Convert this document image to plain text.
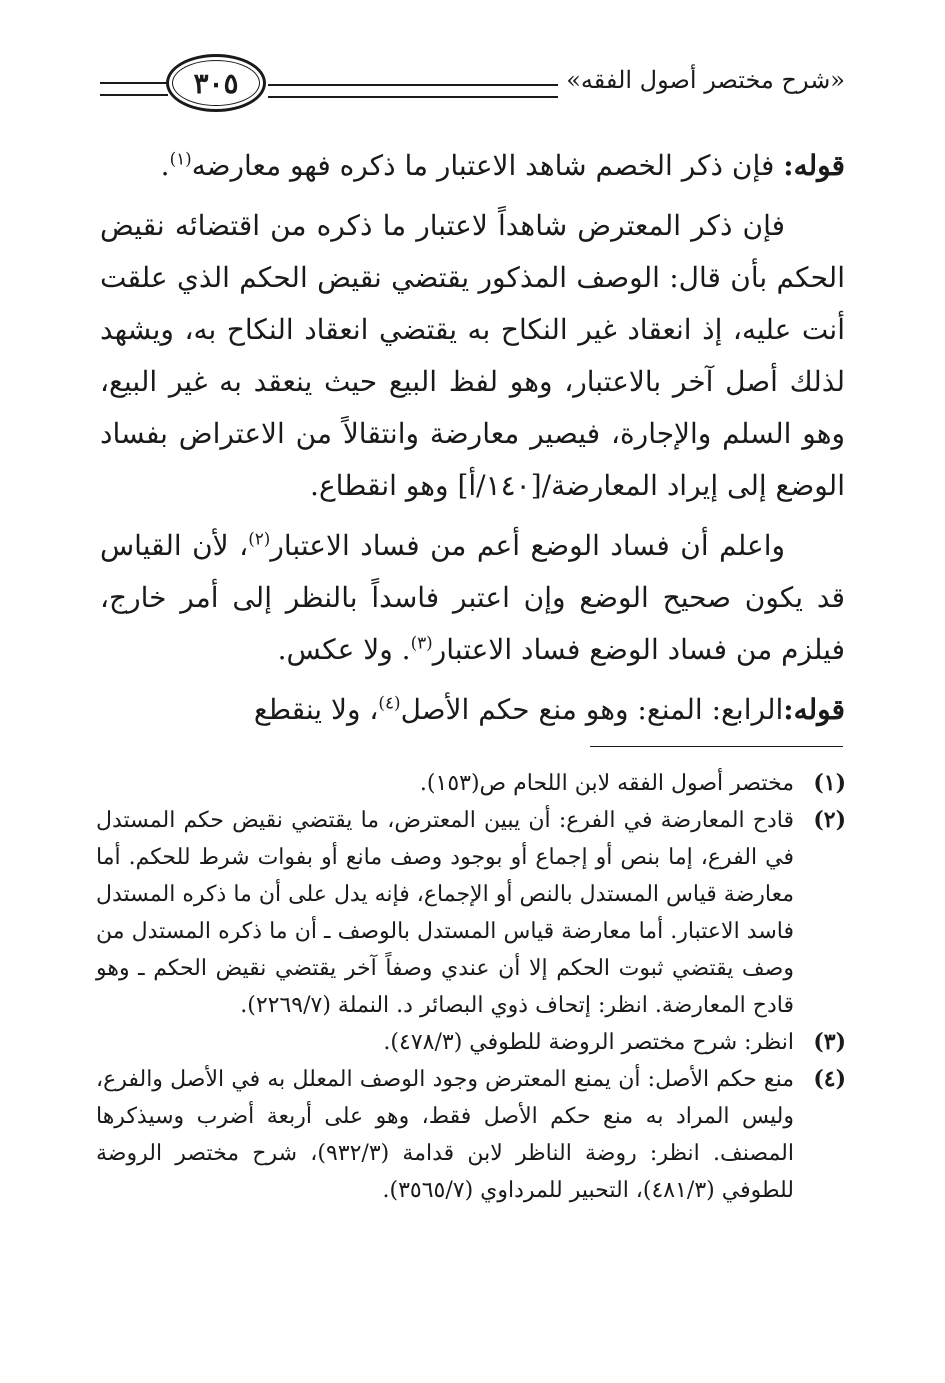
٣٠٥	«شرح مختصر أصول الفقه»

قوله: فإن ذكر الخصم شاهد الاعتبار ما ذكره فهو معارضه$^{(١)}$.

فإن ذكر المعترض شاهداً لاعتبار ما ذكره من اقتضائه نقيض الحكم بأن قال: الوصف المذكور يقتضي نقيض الحكم الذي علقت أنت عليه، إذ انعقاد غير النكاح به يقتضي انعقاد النكاح به، ويشهد لذلك أصل آخر بالاعتبار، وهو لفظ البيع حيث ينعقد به غير البيع، وهو السلم والإجارة، فيصير معارضة وانتقالاً من الاعتراض بفساد الوضع إلى إيراد المعارضة/[١٤٠/أ] وهو انقطاع.

واعلم أن فساد الوضع أعم من فساد الاعتبار$^{(٢)}$، لأن القياس قد يكون صحيح الوضع وإن اعتبر فاسداً بالنظر إلى أمر خارج، فيلزم من فساد الوضع فساد الاعتبار$^{(٣)}$. ولا عكس.

قوله:الرابع: المنع: وهو منع حكم الأصل$^{(٤)}$، ولا ينقطع

(١)
مختصر أصول الفقه لابن اللحام ص(١٥٣).
(٢)
قادح المعارضة في الفرع: أن يبين المعترض، ما يقتضي نقيض حكم المستدل في الفرع، إما بنص أو إجماع أو بوجود وصف مانع أو بفوات شرط للحكم. أما معارضة قياس المستدل بالنص أو الإجماع، فإنه يدل على أن ما ذكره المستدل فاسد الاعتبار. أما معارضة قياس المستدل بالوصف ـ أن ما ذكره المستدل من وصف يقتضي ثبوت الحكم إلا أن عندي وصفاً آخر يقتضي نقيض الحكم ـ وهو قادح المعارضة. انظر: إتحاف ذوي البصائر د. النملة (٢٢٦٩/٧).
(٣)
انظر: شرح مختصر الروضة للطوفي (٤٧٨/٣).
(٤)
منع حكم الأصل: أن يمنع المعترض وجود الوصف المعلل به في الأصل والفرع، وليس المراد به منع حكم الأصل فقط، وهو على أربعة أضرب وسيذكرها المصنف. انظر: روضة الناظر لابن قدامة (٩٣٢/٣)، شرح مختصر الروضة للطوفي (٤٨١/٣)، التحبير للمرداوي (٣٥٦٥/٧).
